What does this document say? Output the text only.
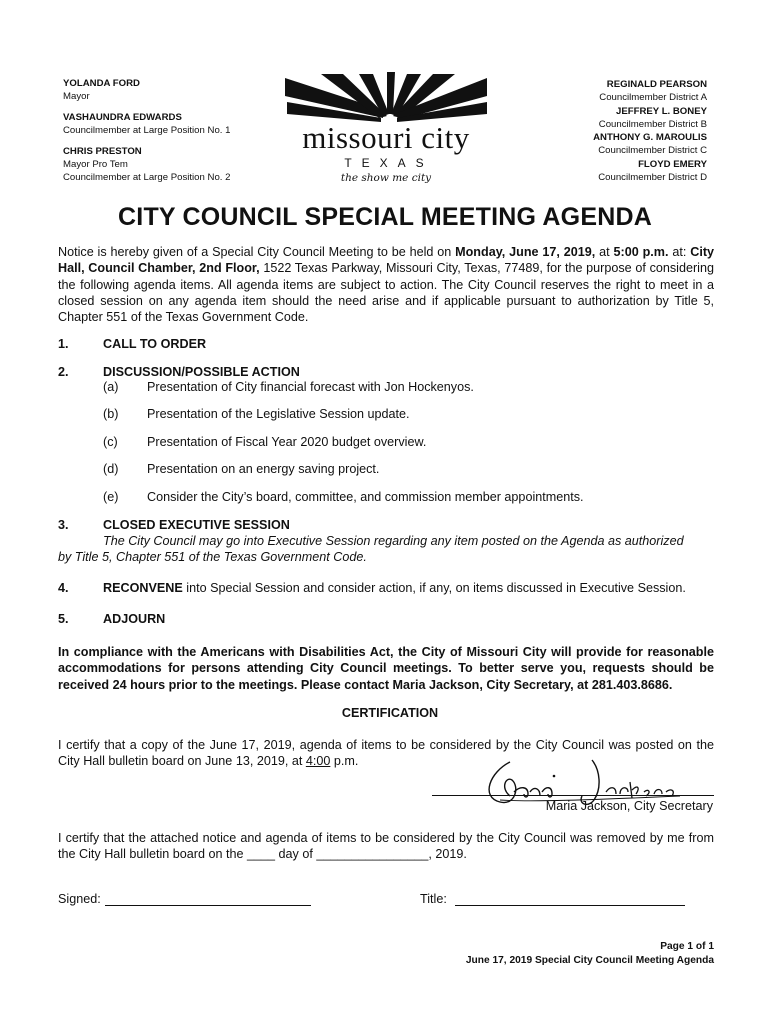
YOLANDA FORD
Mayor
VASHAUNDRA EDWARDS
Councilmember at Large Position No. 1
CHRIS PRESTON
Mayor Pro Tem
Councilmember at Large Position No. 2
missouri city
TEXAS
the show me city
REGINALD PEARSON
Councilmember District A
JEFFREY L. BONEY
Councilmember District B
ANTHONY G. MAROULIS
Councilmember District C
FLOYD EMERY
Councilmember District D
CITY COUNCIL SPECIAL MEETING AGENDA
Notice is hereby given of a Special City Council Meeting to be held on Monday, June 17, 2019, at 5:00 p.m. at: City Hall, Council Chamber, 2nd Floor, 1522 Texas Parkway, Missouri City, Texas, 77489, for the purpose of considering the following agenda items. All agenda items are subject to action. The City Council reserves the right to meet in a closed session on any agenda item should the need arise and if applicable pursuant to authorization by Title 5, Chapter 551 of the Texas Government Code.
1.	CALL TO ORDER
2.	DISCUSSION/POSSIBLE ACTION
(a) Presentation of City financial forecast with Jon Hockenyos.
(b) Presentation of the Legislative Session update.
(c) Presentation of Fiscal Year 2020 budget overview.
(d) Presentation on an energy saving project.
(e) Consider the City’s board, committee, and commission member appointments.
3.	CLOSED EXECUTIVE SESSION
The City Council may go into Executive Session regarding any item posted on the Agenda as authorized
by Title 5, Chapter 551 of the Texas Government Code.
4.	RECONVENE into Special Session and consider action, if any, on items discussed in Executive Session.
5.	ADJOURN
In compliance with the Americans with Disabilities Act, the City of Missouri City will provide for reasonable accommodations for persons attending City Council meetings. To better serve you, requests should be received 24 hours prior to the meetings. Please contact Maria Jackson, City Secretary, at 281.403.8686.
CERTIFICATION
I certify that a copy of the June 17, 2019, agenda of items to be considered by the City Council was posted on the City Hall bulletin board on June 13, 2019, at 4:00 p.m.
Maria Jackson, City Secretary
I certify that the attached notice and agenda of items to be considered by the City Council was removed by me from the City Hall bulletin board on the ____ day of ________________, 2019.
Signed:	Title:
Page 1 of 1
June 17, 2019 Special City Council Meeting Agenda
